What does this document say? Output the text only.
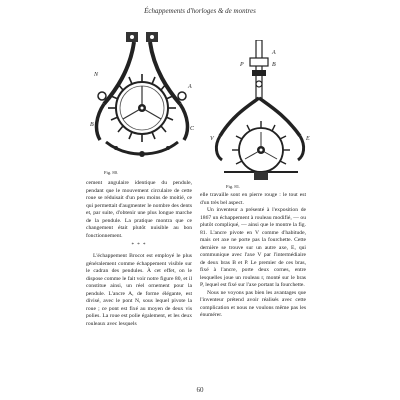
Échappements d'horloges & de montres
N
A
B
C
Fig. 80.
A
B
P
V	E
Fig. 81.

cement angulaire identique du pendule, pendant que le mouvement circulaire de cette roue se réduisait d'un peu moins de moitié, ce qui permettait d'augmenter le nombre des dents et, par suite, d'obtenir une plus longue marche de la pendule. La pratique montra que ce changement était plutôt nuisible au bon fonctionnement.

* * *

L'échappement Brocot est employé le plus généralement comme échappement visible sur le cadran des pendules. À cet effet, on le dispose comme le fait voir notre figure 80, et il constitue ainsi, un réel ornement pour la pendule. L'ancre A, de forme élégante, est divisé, avec le pont N, sous lequel pivote la roue ; ce pont est fixé au moyen de deux vis polies. La roue est polie également, et les deux rouleaux avec lesquels

elle travaille sont en pierre rouge : le tout est d'un très bel aspect.

Un inventeur a présenté à l'exposition de 1867 un échappement à rouleau modifié, — ou plutôt compliqué, — ainsi que le montre la fig. 81. L'ancre pivote en V comme d'habitude, mais cet axe ne porte pas la fourchette. Cette dernière se trouve sur un autre axe, E, qui communique avec l'axe V par l'intermédiaire de deux bras B et P. Le premier de ces bras, fixé à l'ancre, porte deux cornes, entre lesquelles joue un rouleau r, monté sur le bras P, lequel est fixé sur l'axe portant la fourchette.

Nous ne voyons pas bien les avantages que l'inventeur prétend avoir réalisés avec cette complication et nous ne voulons même pas les énumérer.

60
